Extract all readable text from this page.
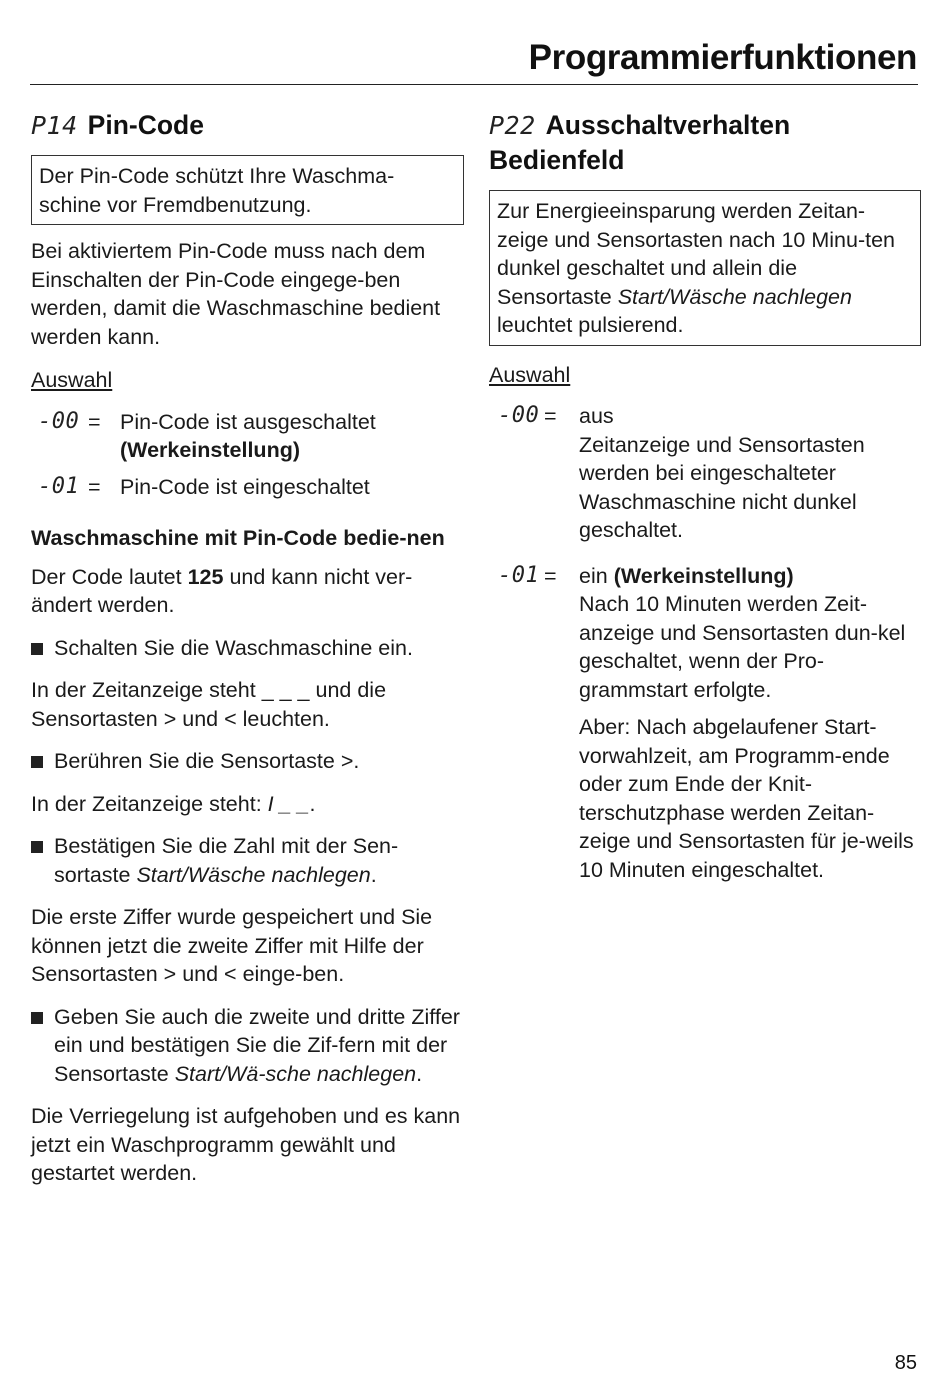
Programmierfunktionen
P14 Pin-Code

Der Pin-Code schützt Ihre Waschma-schine vor Fremdbenutzung.

Bei aktiviertem Pin-Code muss nach dem Einschalten der Pin-Code eingege-ben werden, damit die Waschmaschine bedient werden kann.

Auswahl
-00 = Pin-Code ist ausgeschaltet
(Werkeinstellung)
-01 = Pin-Code ist eingeschaltet
Waschmaschine mit Pin-Code bedie-nen

Der Code lautet 125 und kann nicht ver-ändert werden.

Schalten Sie die Waschmaschine ein.

In der Zeitanzeige steht _ _ _ und die Sensortasten > und < leuchten.

Berühren Sie die Sensortaste >.

In der Zeitanzeige steht: I _ _.

Bestätigen Sie die Zahl mit der Sen-sortaste Start/Wäsche nachlegen.

Die erste Ziffer wurde gespeichert und Sie können jetzt die zweite Ziffer mit Hilfe der Sensortasten > und < einge-ben.

Geben Sie auch die zweite und dritte Ziffer ein und bestätigen Sie die Zif-fern mit der Sensortaste Start/Wä-sche nachlegen.

Die Verriegelung ist aufgehoben und es kann jetzt ein Waschprogramm gewählt und gestartet werden.

P22 Ausschaltverhalten Bedienfeld

Zur Energieeinsparung werden Zeitan-zeige und Sensortasten nach 10 Minu-ten dunkel geschaltet und allein die Sensortaste Start/Wäsche nachlegen leuchtet pulsierend.

Auswahl
-00 =	aus

Zeitanzeige und Sensortasten werden bei eingeschalteter Waschmaschine nicht dunkel geschaltet.

-01 =	ein (Werkeinstellung)

Nach 10 Minuten werden Zeit-anzeige und Sensortasten dun-kel geschaltet, wenn der Pro-grammstart erfolgte.

Aber: Nach abgelaufener Start-vorwahlzeit, am Programm-ende oder zum Ende der Knit-terschutzphase werden Zeitan-zeige und Sensortasten für je-weils 10 Minuten eingeschaltet.

85
